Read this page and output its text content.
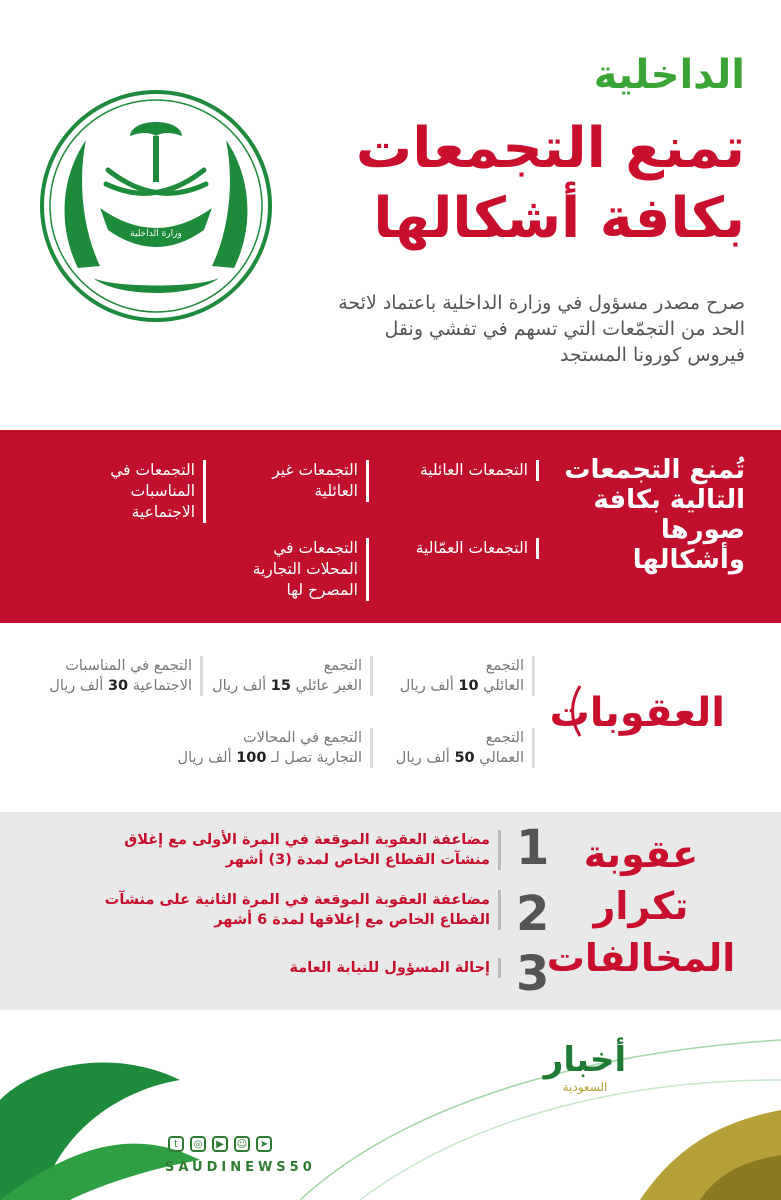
وزارة الداخلية
الداخلية
تمنع التجمعات
بكافة أشكالها
صرح مصدر مسؤول في وزارة الداخلية باعتماد لائحة الحد من التجمّعات التي تسهم في تفشي ونقل فيروس كورونا المستجد
تُمنع التجمعات التالية بكافة صورها وأشكالها
التجمعات العائلية
التجمعات غير العائلية
التجمعات في المناسبات الاجتماعية
التجمعات العمّالية
التجمعات في المحلات التجارية المصرح لها
العقوبات
التجمع
العائلي 10 ألف ريال
التجمع
الغير عائلي 15 ألف ريال
التجمع في المناسبات
الاجتماعية 30 ألف ريال
التجمع
العمالي 50 ألف ريال
التجمع في المحالات
التجارية تصل لـ 100 ألف ريال
عقوبة تكرار المخالفات
1
مضاعفة العقوبة الموقعة في المرة الأولى مع إغلاق منشآت القطاع الخاص لمدة (3) أشهر
2
مضاعفة العقوبة الموقعة في المرة الثانية على منشآت القطاع الخاص مع إغلاقها لمدة 6 أشهر
3
إحالة المسؤول للنيابة العامة
أخبار
السعودية
t	◎	▶	☺	➤
SAUDINEWS50
